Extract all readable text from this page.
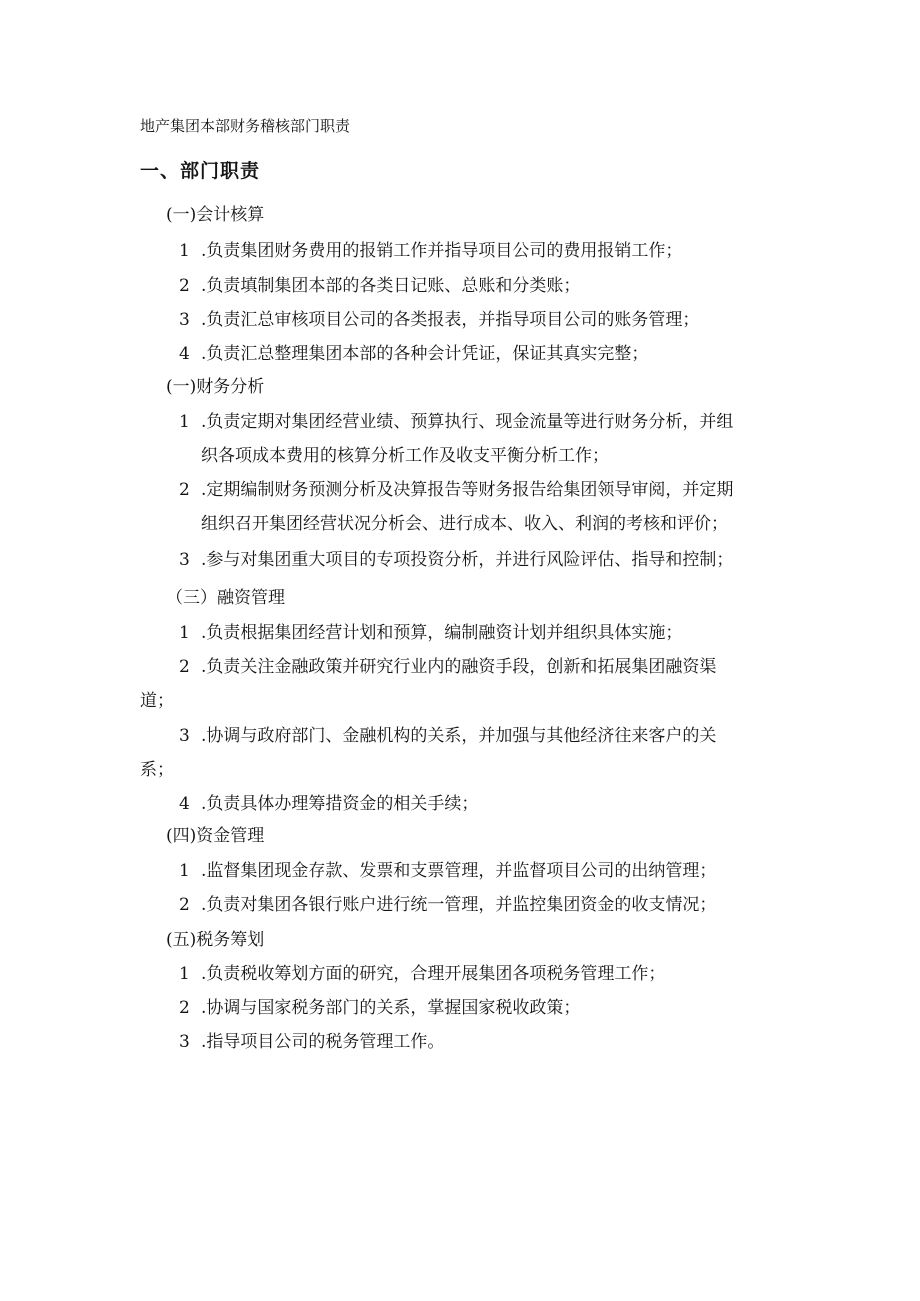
地产集团本部财务稽核部门职责
一、部门职责
(一)会计核算
1 .负责集团财务费用的报销工作并指导项目公司的费用报销工作；
2 .负责填制集团本部的各类日记账、总账和分类账；
3 .负责汇总审核项目公司的各类报表，并指导项目公司的账务管理；
4 .负责汇总整理集团本部的各种会计凭证，保证其真实完整；
(一)财务分析
1 .负责定期对集团经营业绩、预算执行、现金流量等进行财务分析，并组
织各项成本费用的核算分析工作及收支平衡分析工作；
2 .定期编制财务预测分析及决算报告等财务报告给集团领导审阅，并定期
组织召开集团经营状况分析会、进行成本、收入、利润的考核和评价；
3 .参与对集团重大项目的专项投资分析，并进行风险评估、指导和控制；
（三）融资管理
1 .负责根据集团经营计划和预算，编制融资计划并组织具体实施；
2 .负责关注金融政策并研究行业内的融资手段，创新和拓展集团融资渠
道；
3 .协调与政府部门、金融机构的关系，并加强与其他经济往来客户的关
系；
4 .负责具体办理筹措资金的相关手续；
(四)资金管理
1 .监督集团现金存款、发票和支票管理，并监督项目公司的出纳管理；
2 .负责对集团各银行账户进行统一管理，并监控集团资金的收支情况；
(五)税务筹划
1 .负责税收筹划方面的研究，合理开展集团各项税务管理工作；
2 .协调与国家税务部门的关系，掌握国家税收政策；
3 .指导项目公司的税务管理工作。
